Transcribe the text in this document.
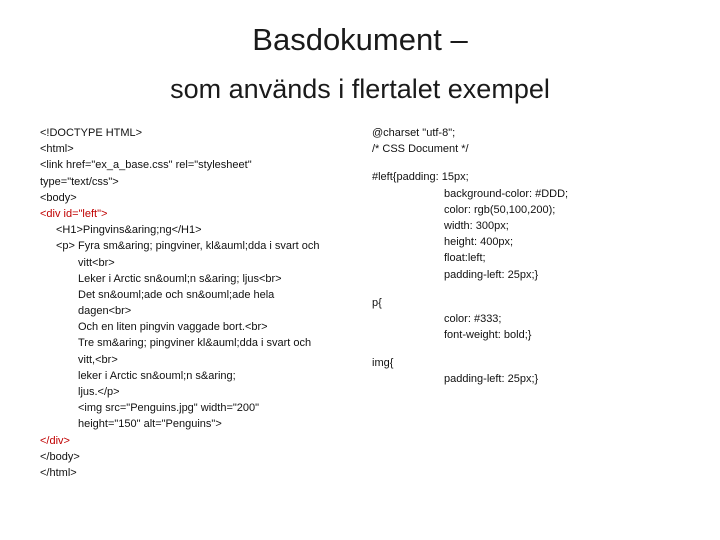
Basdokument –
som används i flertalet exempel
<!DOCTYPE HTML>
<html>
<link href="ex_a_base.css" rel="stylesheet"
type="text/css">
<body>
<div id="left">
<H1>Pingvins&aring;ng</H1>
<p> Fyra sm&aring; pingviner, kl&auml;dda i svart och
vitt<br>
Leker i Arctic sn&ouml;n s&aring; ljus<br>
Det sn&ouml;ade och sn&ouml;ade hela
dagen<br>
Och en liten pingvin vaggade bort.<br>
Tre sm&aring; pingviner kl&auml;dda i svart och
vitt,<br>
leker i Arctic sn&ouml;n s&aring;
ljus.</p>
<img src="Penguins.jpg" width="200"
height="150" alt="Penguins">
</div>
</body>
</html>
@charset "utf-8";
/* CSS Document */
#left{padding: 15px;
background-color: #DDD;
color: rgb(50,100,200);
width: 300px;
height: 400px;
float:left;
padding-left: 25px;}
p{
color: #333;
font-weight: bold;}
img{
padding-left: 25px;}
